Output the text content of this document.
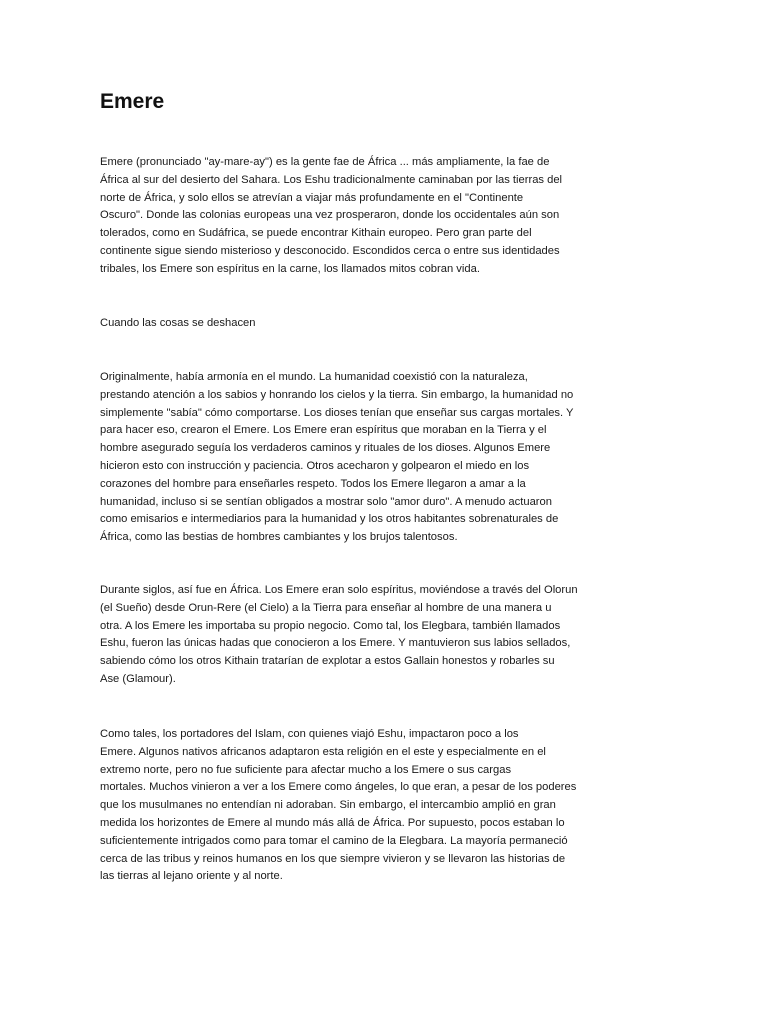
Emere

Emere (pronunciado "ay-mare-ay") es la gente fae de África ... más ampliamente, la fae de
África al sur del desierto del Sahara. Los Eshu tradicionalmente caminaban por las tierras del
norte de África, y solo ellos se atrevían a viajar más profundamente en el "Continente
Oscuro". Donde las colonias europeas una vez prosperaron, donde los occidentales aún son
tolerados, como en Sudáfrica, se puede encontrar Kithain europeo. Pero gran parte del
continente sigue siendo misterioso y desconocido. Escondidos cerca o entre sus identidades
tribales, los Emere son espíritus en la carne, los llamados mitos cobran vida.

Cuando las cosas se deshacen

Originalmente, había armonía en el mundo. La humanidad coexistió con la naturaleza,
prestando atención a los sabios y honrando los cielos y la tierra. Sin embargo, la humanidad no
simplemente "sabía" cómo comportarse. Los dioses tenían que enseñar sus cargas mortales. Y
para hacer eso, crearon el Emere. Los Emere eran espíritus que moraban en la Tierra y el
hombre asegurado seguía los verdaderos caminos y rituales de los dioses. Algunos Emere
hicieron esto con instrucción y paciencia. Otros acecharon y golpearon el miedo en los
corazones del hombre para enseñarles respeto. Todos los Emere llegaron a amar a la
humanidad, incluso si se sentían obligados a mostrar solo "amor duro". A menudo actuaron
como emisarios e intermediarios para la humanidad y los otros habitantes sobrenaturales de
África, como las bestias de hombres cambiantes y los brujos talentosos.

Durante siglos, así fue en África. Los Emere eran solo espíritus, moviéndose a través del Olorun
(el Sueño) desde Orun-Rere (el Cielo) a la Tierra para enseñar al hombre de una manera u
otra. A los Emere les importaba su propio negocio. Como tal, los Elegbara, también llamados
Eshu, fueron las únicas hadas que conocieron a los Emere. Y mantuvieron sus labios sellados,
sabiendo cómo los otros Kithain tratarían de explotar a estos Gallain honestos y robarles su
Ase (Glamour).

Como tales, los portadores del Islam, con quienes viajó Eshu, impactaron poco a los
Emere. Algunos nativos africanos adaptaron esta religión en el este y especialmente en el
extremo norte, pero no fue suficiente para afectar mucho a los Emere o sus cargas
mortales. Muchos vinieron a ver a los Emere como ángeles, lo que eran, a pesar de los poderes
que los musulmanes no entendían ni adoraban. Sin embargo, el intercambio amplió en gran
medida los horizontes de Emere al mundo más allá de África. Por supuesto, pocos estaban lo
suficientemente intrigados como para tomar el camino de la Elegbara. La mayoría permaneció
cerca de las tribus y reinos humanos en los que siempre vivieron y se llevaron las historias de
las tierras al lejano oriente y al norte.
